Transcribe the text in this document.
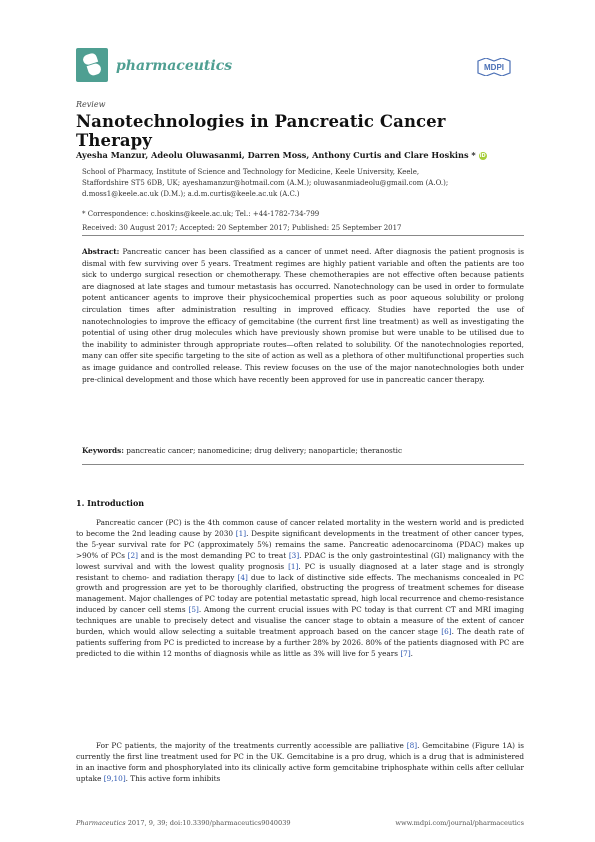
pharmaceutics	MDPI
Review
Nanotechnologies in Pancreatic Cancer Therapy
Ayesha Manzur, Adeolu Oluwasanmi, Darren Moss, Anthony Curtis and Clare Hoskins * iD
School of Pharmacy, Institute of Science and Technology for Medicine, Keele University, Keele,
Staffordshire ST5 6DB, UK; ayeshamanzur@hotmail.com (A.M.); oluwasanmiadeolu@gmail.com (A.O.);
d.moss1@keele.ac.uk (D.M.); a.d.m.curtis@keele.ac.uk (A.C.)
* Correspondence: c.hoskins@keele.ac.uk; Tel.: +44-1782-734-799
Received: 30 August 2017; Accepted: 20 September 2017; Published: 25 September 2017
Abstract: Pancreatic cancer has been classified as a cancer of unmet need. After diagnosis the patient prognosis is dismal with few surviving over 5 years. Treatment regimes are highly patient variable and often the patients are too sick to undergo surgical resection or chemotherapy. These chemotherapies are not effective often because patients are diagnosed at late stages and tumour metastasis has occurred. Nanotechnology can be used in order to formulate potent anticancer agents to improve their physicochemical properties such as poor aqueous solubility or prolong circulation times after administration resulting in improved efficacy. Studies have reported the use of nanotechnologies to improve the efficacy of gemcitabine (the current first line treatment) as well as investigating the potential of using other drug molecules which have previously shown promise but were unable to be utilised due to the inability to administer through appropriate routes—often related to solubility. Of the nanotechnologies reported, many can offer site specific targeting to the site of action as well as a plethora of other multifunctional properties such as image guidance and controlled release. This review focuses on the use of the major nanotechnologies both under pre-clinical development and those which have recently been approved for use in pancreatic cancer therapy.
Keywords: pancreatic cancer; nanomedicine; drug delivery; nanoparticle; theranostic
1. Introduction
Pancreatic cancer (PC) is the 4th common cause of cancer related mortality in the western world and is predicted to become the 2nd leading cause by 2030 [1]. Despite significant developments in the treatment of other cancer types, the 5-year survival rate for PC (approximately 5%) remains the same. Pancreatic adenocarcinoma (PDAC) makes up >90% of PCs [2] and is the most demanding PC to treat [3]. PDAC is the only gastrointestinal (GI) malignancy with the lowest survival and with the lowest quality prognosis [1]. PC is usually diagnosed at a later stage and is strongly resistant to chemo- and radiation therapy [4] due to lack of distinctive side effects. The mechanisms concealed in PC growth and progression are yet to be thoroughly clarified, obstructing the progress of treatment schemes for disease management. Major challenges of PC today are potential metastatic spread, high local recurrence and chemo-resistance induced by cancer cell stems [5]. Among the current crucial issues with PC today is that current CT and MRI imaging techniques are unable to precisely detect and visualise the cancer stage to obtain a measure of the extent of cancer burden, which would allow selecting a suitable treatment approach based on the cancer stage [6]. The death rate of patients suffering from PC is predicted to increase by a further 28% by 2026. 80% of the patients diagnosed with PC are predicted to die within 12 months of diagnosis while as little as 3% will live for 5 years [7].
For PC patients, the majority of the treatments currently accessible are palliative [8]. Gemcitabine (Figure 1A) is currently the first line treatment used for PC in the UK. Gemcitabine is a pro drug, which is a drug that is administered in an inactive form and phosphorylated into its clinically active form gemcitabine triphosphate within cells after cellular uptake [9,10]. This active form inhibits
Pharmaceutics 2017, 9, 39; doi:10.3390/pharmaceutics9040039	www.mdpi.com/journal/pharmaceutics
